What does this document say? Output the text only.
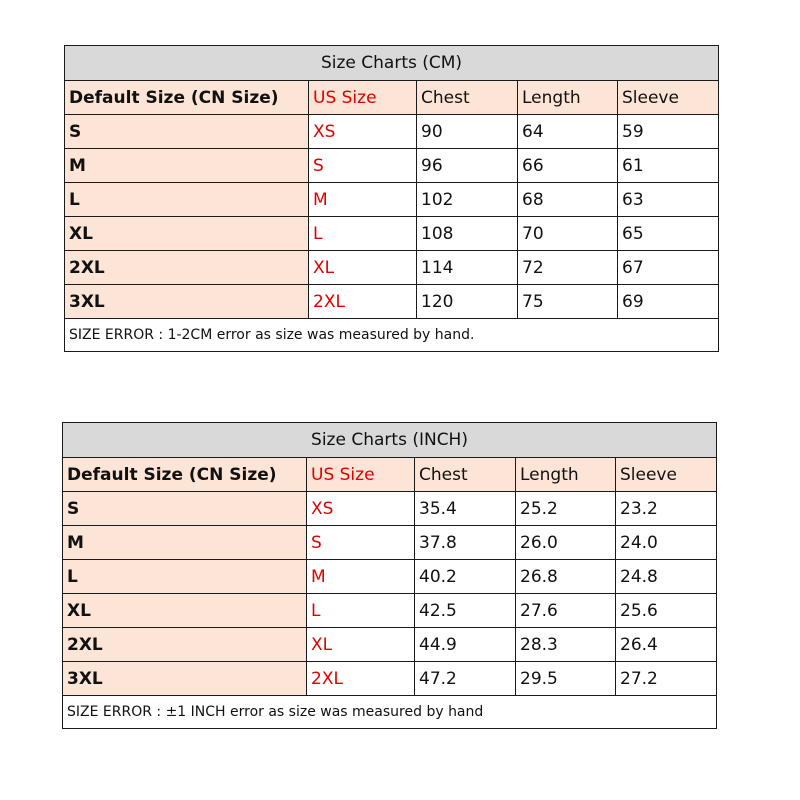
Size Charts (CM)				
Default Size (CN Size)	US Size	Chest	Length	Sleeve
S	XS	90	64	59
M	S	96	66	61
L	M	102	68	63
XL	L	108	70	65
2XL	XL	114	72	67
3XL	2XL	120	75	69
SIZE ERROR : 1-2CM error as size was measured by hand.				
Size Charts (INCH)				
Default Size (CN Size)	US Size	Chest	Length	Sleeve
S	XS	35.4	25.2	23.2
M	S	37.8	26.0	24.0
L	M	40.2	26.8	24.8
XL	L	42.5	27.6	25.6
2XL	XL	44.9	28.3	26.4
3XL	2XL	47.2	29.5	27.2
SIZE ERROR : ±1 INCH error as size was measured by hand				
